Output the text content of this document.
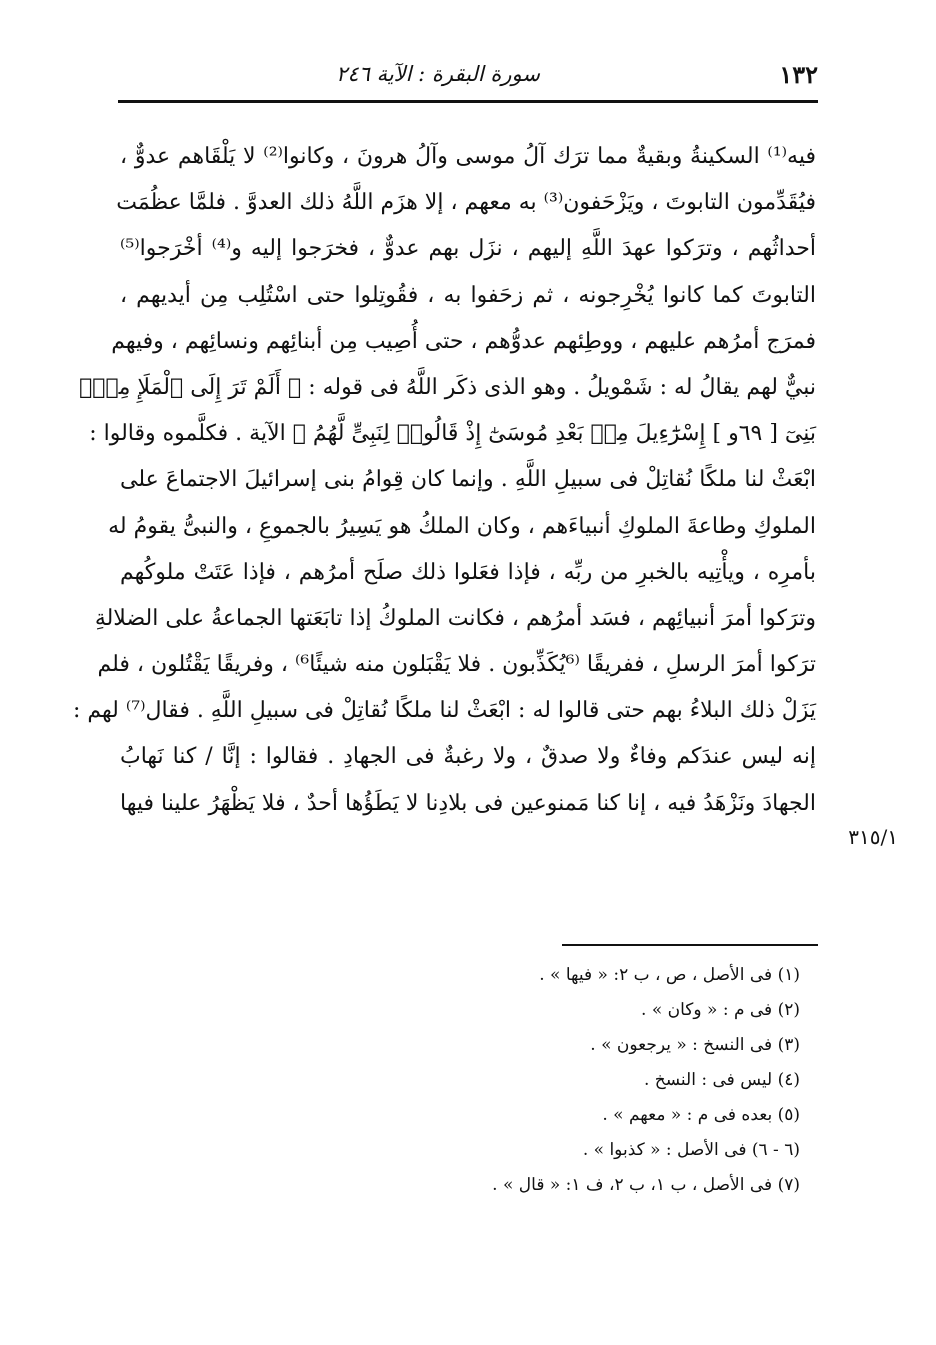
١٣٢
سورة البقرة : الآية ٢٤٦
فيه⁽¹⁾ السكينةُ وبقيةٌ مما ترَك آلُ موسى وآلُ هرونَ ، وكانوا⁽²⁾ لا يَلْقَاهم عدوٌّ ،
فيُقَدِّمون التابوتَ ، ويَزْحَفون⁽³⁾ به معهم ، إلا هزَم اللَّهُ ذلك العدوَّ . فلمَّا عظُمَت
أحداثُهم ، وترَكوا عهدَ اللَّهِ إليهم ، نزَل بهم عدوٌّ ، فخرَجوا إليه و⁽⁴⁾ أخْرَجوا⁽⁵⁾
التابوتَ كما كانوا يُخْرِجونه ، ثم زحَفوا به ، فقُوتِلوا حتى اسْتُلِب مِن أيديهم ،
فمرَج أمرُهم عليهم ، ووطِئهم عدوُّهم ، حتى أُصِيب مِن أبنائِهم ونسائِهم ، وفيهم
نبيٌّ لهم يقالُ له : شَمْويلُ . وهو الذى ذكَر اللَّهُ فى قوله : ﴿ أَلَمْ تَرَ إِلَى ٱلْمَلَإِ مِنْۢ
بَنِىٓ [ ٦٩و ] إِسْرَٰٓءِيلَ مِنۢ بَعْدِ مُوسَىٰٓ إِذْ قَالُوا۟ لِنَبِىٍّ لَّهُمُ ﴾ الآية . فكلَّموه وقالوا :
ابْعَثْ لنا ملكًا نُقاتِلْ فى سبيلِ اللَّهِ . وإنما كان قِوامُ بنى إسرائيلَ الاجتماعَ على
الملوكِ وطاعةَ الملوكِ أنبياءَهم ، وكان الملكُ هو يَسِيرُ بالجموعِ ، والنبىُّ يقومُ له
بأمرِه ، ويأْتِيه بالخبرِ من ربِّه ، فإذا فعَلوا ذلك صلَح أمرُهم ، فإذا عَتَتْ ملوكُهم
وترَكوا أمرَ أنبيائِهم ، فسَد أمرُهم ، فكانت الملوكُ إذا تابَعَتها الجماعةُ على الضلالةِ
ترَكوا أمرَ الرسلِ ، ففريقًا ⁽⁶يُكَذِّبون . فلا يَقْبَلون منه شيئًا⁶⁾ ، وفريقًا يَقْتُلون ، فلم
يَزَلْ ذلك البلاءُ بهم حتى قالوا له : ابْعَثْ لنا ملكًا نُقاتِلْ فى سبيلِ اللَّهِ . فقال⁽⁷⁾ لهم :
إنه ليس عندَكم وفاءٌ ولا صدقٌ ، ولا رغبةٌ فى الجهادِ . فقالوا : إنَّا / كنا نَهابُ
الجهادَ ونَزْهَدُ فيه ، إنا كنا مَمنوعين فى بلادِنا لا يَطَؤُها أحدٌ ، فلا يَظْهَرُ علينا فيها
٣١٥/١
(١) فى الأصل ، ص ، ب ٢: « فيها » .
(٢) فى م : « وكان » .
(٣) فى النسخ : « يرجعون » .
(٤) ليس فى : النسخ .
(٥) بعده فى م : « معهم » .
(٦ - ٦) فى الأصل : « كذبوا » .
(٧) فى الأصل ، ب ١، ب ٢، ف ١: « قال » .
